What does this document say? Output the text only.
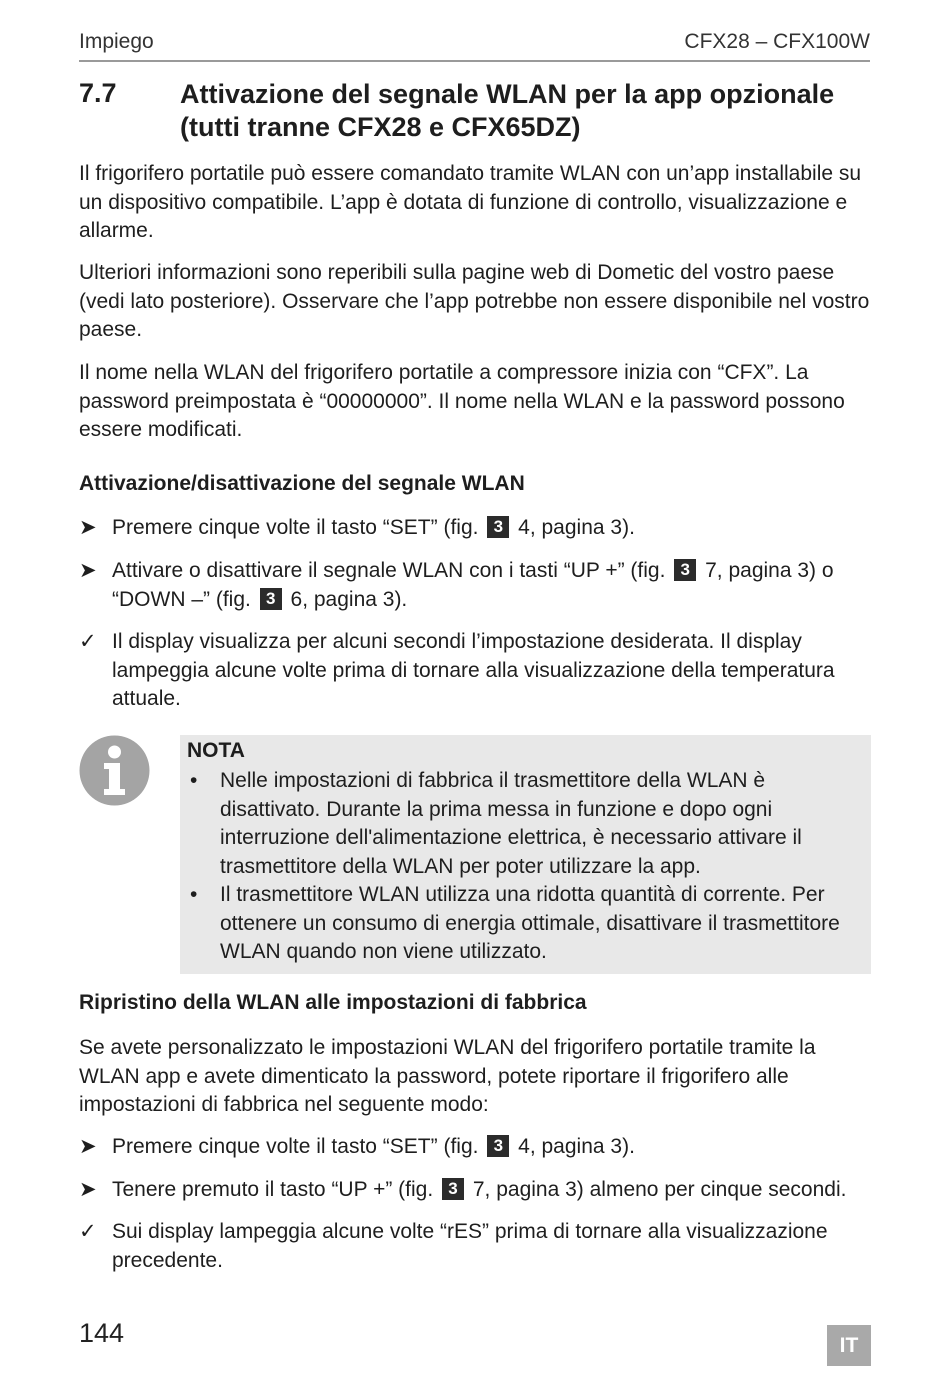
Impiego	CFX28 – CFX100W
7.7 Attivazione del segnale WLAN per la app opzionale (tutti tranne CFX28 e CFX65DZ)

Il frigorifero portatile può essere comandato tramite WLAN con un’app installabile su un dispositivo compatibile. L’app è dotata di funzione di controllo, visualizzazione e allarme.

Ulteriori informazioni sono reperibili sulla pagine web di Dometic del vostro paese (vedi lato posteriore). Osservare che l’app potrebbe non essere disponibile nel vostro paese.

Il nome nella WLAN del frigorifero portatile a compressore inizia con “CFX”. La password preimpostata è “00000000”. Il nome nella WLAN e la password possono essere modificati.

Attivazione/disattivazione del segnale WLAN
➤ Premere cinque volte il tasto “SET” (fig. 3 4, pagina 3).
➤ Attivare o disattivare il segnale WLAN con i tasti “UP +” (fig. 3 7, pagina 3) o “DOWN –” (fig. 3 6, pagina 3).
✓ Il display visualizza per alcuni secondi l’impostazione desiderata. Il display lampeggia alcune volte prima di tornare alla visualizzazione della temperatura attuale.
NOTA
• Nelle impostazioni di fabbrica il trasmettitore della WLAN è disattivato. Durante la prima messa in funzione e dopo ogni interruzione dell'alimentazione elettrica, è necessario attivare il trasmettitore della WLAN per poter utilizzare la app.
• Il trasmettitore WLAN utilizza una ridotta quantità di corrente. Per ottenere un consumo di energia ottimale, disattivare il trasmettitore WLAN quando non viene utilizzato.
Ripristino della WLAN alle impostazioni di fabbrica

Se avete personalizzato le impostazioni WLAN del frigorifero portatile tramite la WLAN app e avete dimenticato la password, potete riportare il frigorifero alle impostazioni di fabbrica nel seguente modo:

➤ Premere cinque volte il tasto “SET” (fig. 3 4, pagina 3).
➤ Tenere premuto il tasto “UP +” (fig. 3 7, pagina 3) almeno per cinque secondi.
✓ Sui display lampeggia alcune volte “rES” prima di tornare alla visualizzazione precedente.
144	IT
